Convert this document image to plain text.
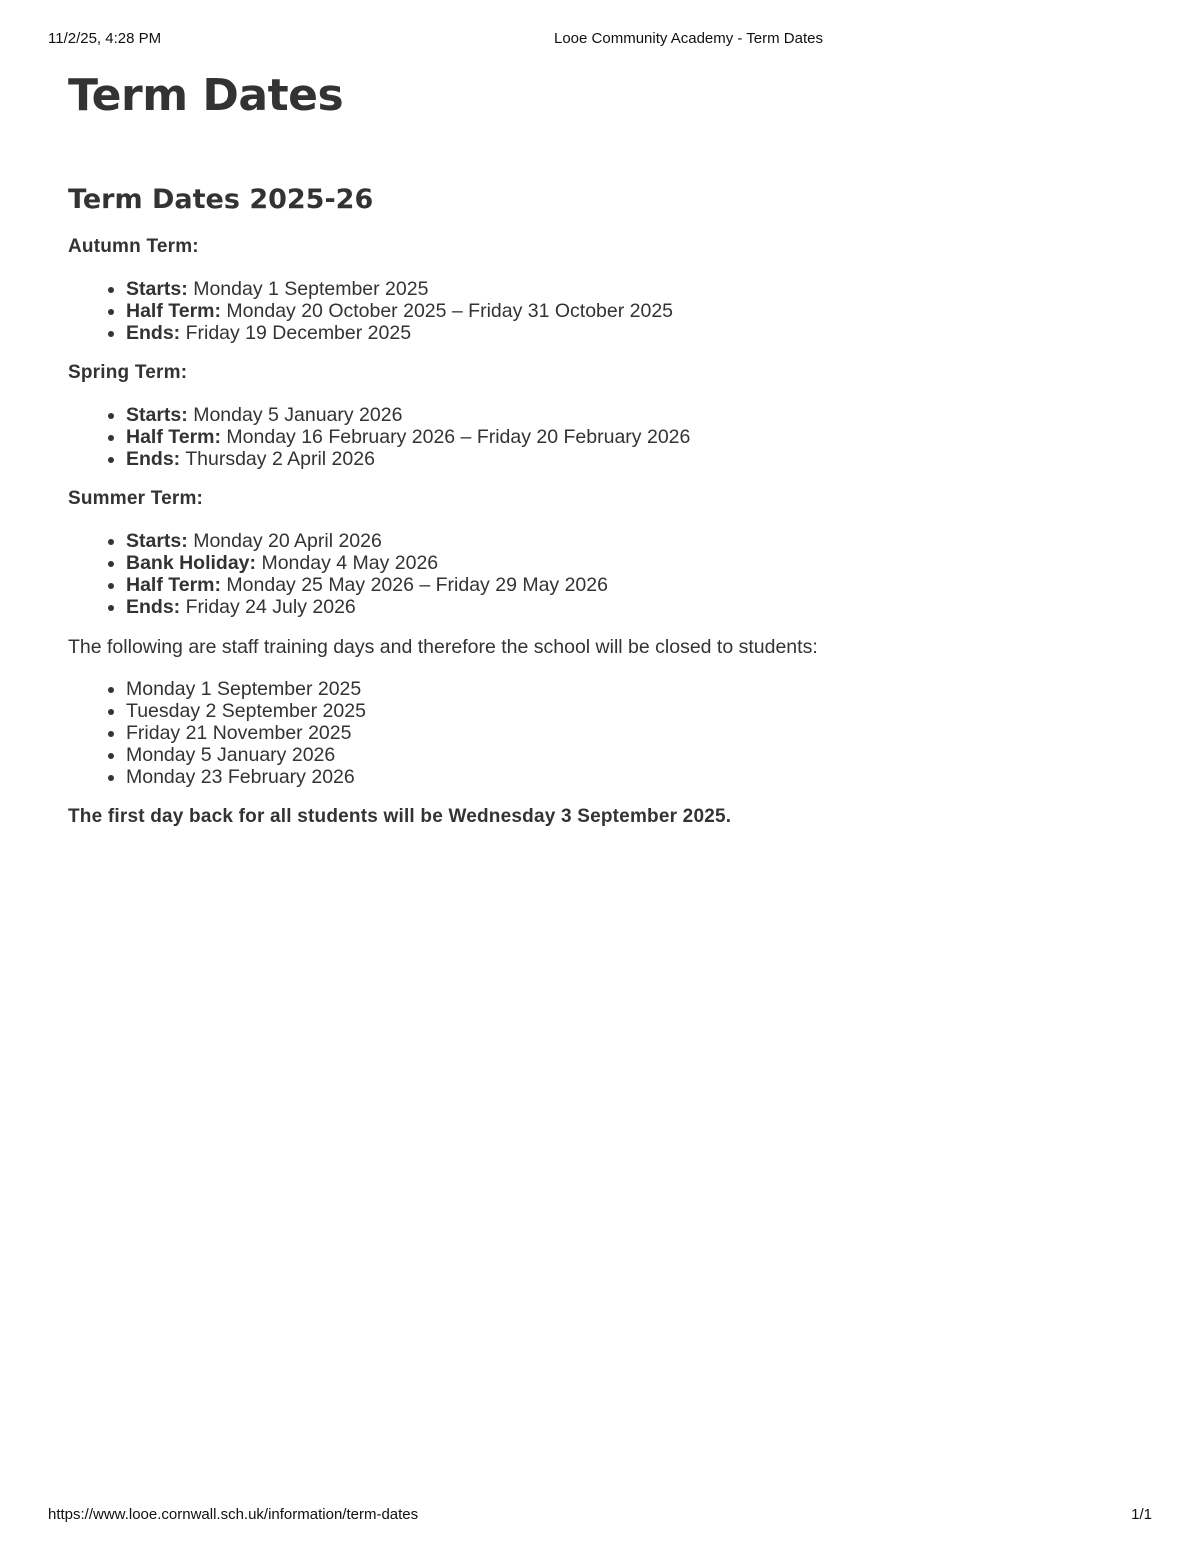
11/2/25, 4:28 PM	Looe Community Academy - Term Dates
Term Dates
Term Dates 2025-26

Autumn Term:

• Starts: Monday 1 September 2025
• Half Term: Monday 20 October 2025 – Friday 31 October 2025
• Ends: Friday 19 December 2025

Spring Term:

• Starts: Monday 5 January 2026
• Half Term: Monday 16 February 2026 – Friday 20 February 2026
• Ends: Thursday 2 April 2026

Summer Term:

• Starts: Monday 20 April 2026
• Bank Holiday: Monday 4 May 2026
• Half Term: Monday 25 May 2026 – Friday 29 May 2026
• Ends: Friday 24 July 2026

The following are staff training days and therefore the school will be closed to students:

• Monday 1 September 2025
• Tuesday 2 September 2025
• Friday 21 November 2025
• Monday 5 January 2026
• Monday 23 February 2026

The first day back for all students will be Wednesday 3 September 2025.

https://www.looe.cornwall.sch.uk/information/term-dates	1/1
